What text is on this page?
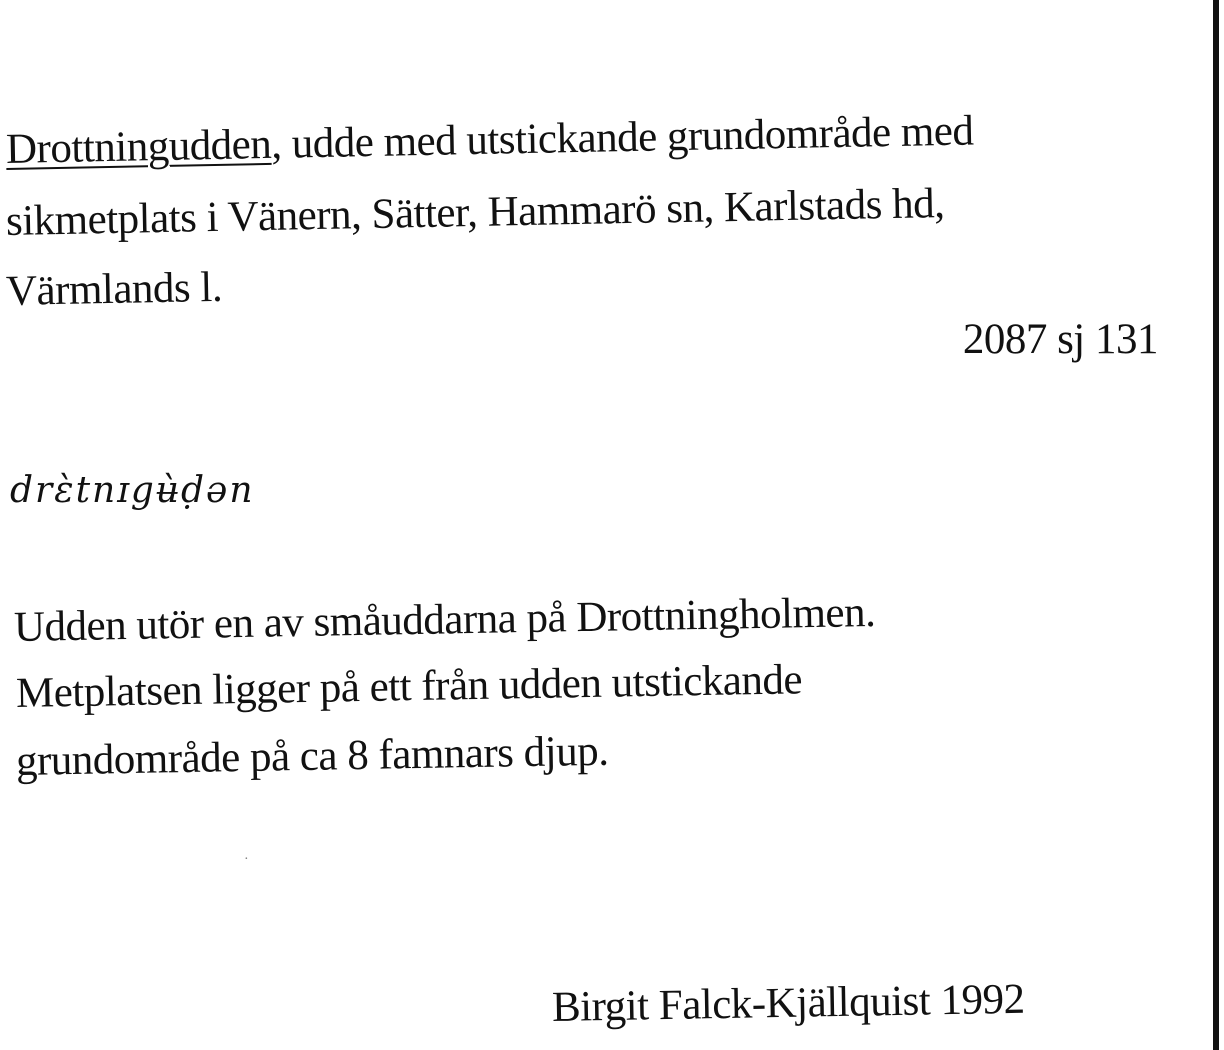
Drottningudden, udde med utstickande grundområde med
sikmetplats i Vänern, Sätter, Hammarö sn, Karlstads hd,
Värmlands l.
2087 sj 131
drɛ̀tnɪgʉ̀ḍən
Udden utör en av småuddarna på Drottningholmen.
Metplatsen ligger på ett från udden utstickande
grundområde på ca 8 famnars djup.
·
Birgit Falck-Kjällquist 1992
